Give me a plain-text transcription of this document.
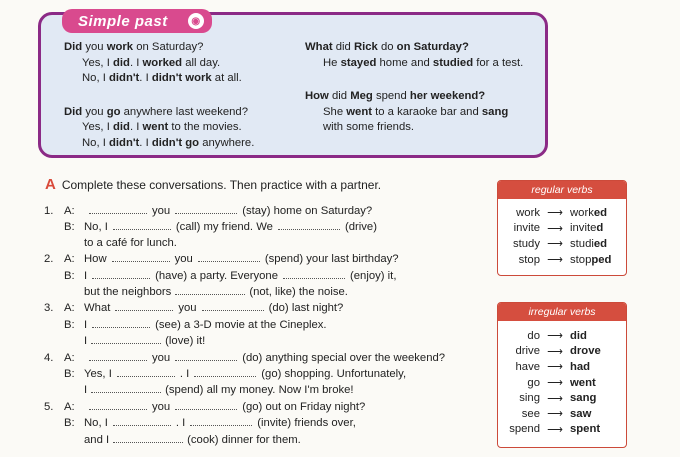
Simple past	◉
Did you work on Saturday?
Yes, I did. I worked all day.
No, I didn't. I didn't work at all.
Did you go anywhere last weekend?
Yes, I did. I went to the movies.
No, I didn't. I didn't go anywhere.
What did Rick do on Saturday?
He stayed home and studied for a test.
How did Meg spend her weekend?
She went to a karaoke bar and sang
with some friends.
A Complete these conversations. Then practice with a partner.
1. A:	you	(stay) home on Saturday?
B: No, I	(call) my friend. We	(drive)
to a café for lunch.
2. A: How	you	(spend) your last birthday?
B: I	(have) a party. Everyone	(enjoy) it,
but the neighbors	(not, like) the noise.
3. A: What	you	(do) last night?
B: I	(see) a 3-D movie at the Cineplex.
I	(love) it!
4. A:	you	(do) anything special over the weekend?
B: Yes, I	. I	(go) shopping. Unfortunately,
I	(spend) all my money. Now I'm broke!
5. A:	you	(go) out on Friday night?
B: No, I	. I	(invite) friends over,
and I	(cook) dinner for them.
regular verbs
work ⟶ worked
invite ⟶ invited
study ⟶ studied
stop ⟶ stopped
irregular verbs
do ⟶ did
drive ⟶ drove
have ⟶ had
go ⟶ went
sing ⟶ sang
see ⟶ saw
spend ⟶ spent
